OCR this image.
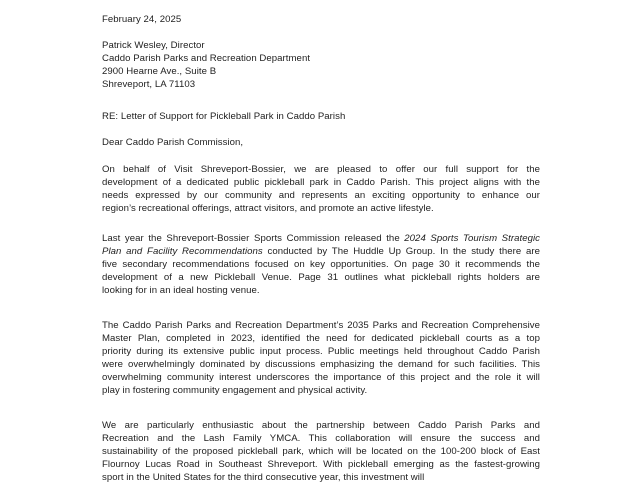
February 24, 2025
Patrick Wesley, Director
Caddo Parish Parks and Recreation Department
2900 Hearne Ave., Suite B
Shreveport, LA 71103
RE: Letter of Support for Pickleball Park in Caddo Parish
Dear Caddo Parish Commission,
On behalf of Visit Shreveport-Bossier, we are pleased to offer our full support for the
development of a dedicated public pickleball park in Caddo Parish. This project aligns with the
needs expressed by our community and represents an exciting opportunity to enhance our
region’s recreational offerings, attract visitors, and promote an active lifestyle.
Last year the Shreveport-Bossier Sports Commission released the 2024 Sports Tourism Strategic
Plan and Facility Recommendations conducted by The Huddle Up Group. In the study there are
five secondary recommendations focused on key opportunities. On page 30 it recommends the
development of a new Pickleball Venue. Page 31 outlines what pickleball rights holders are
looking for in an ideal hosting venue.
The Caddo Parish Parks and Recreation Department’s 2035 Parks and Recreation Comprehensive
Master Plan, completed in 2023, identified the need for dedicated pickleball courts as a top
priority during its extensive public input process. Public meetings held throughout Caddo Parish
were overwhelmingly dominated by discussions emphasizing the demand for such facilities. This
overwhelming community interest underscores the importance of this project and the role it will
play in fostering community engagement and physical activity.
We are particularly enthusiastic about the partnership between Caddo Parish Parks and
Recreation and the Lash Family YMCA. This collaboration will ensure the success and
sustainability of the proposed pickleball park, which will be located on the 100-200 block of East
Flournoy Lucas Road in Southeast Shreveport. With pickleball emerging as the fastest-growing
sport in the United States for the third consecutive year, this investment will
